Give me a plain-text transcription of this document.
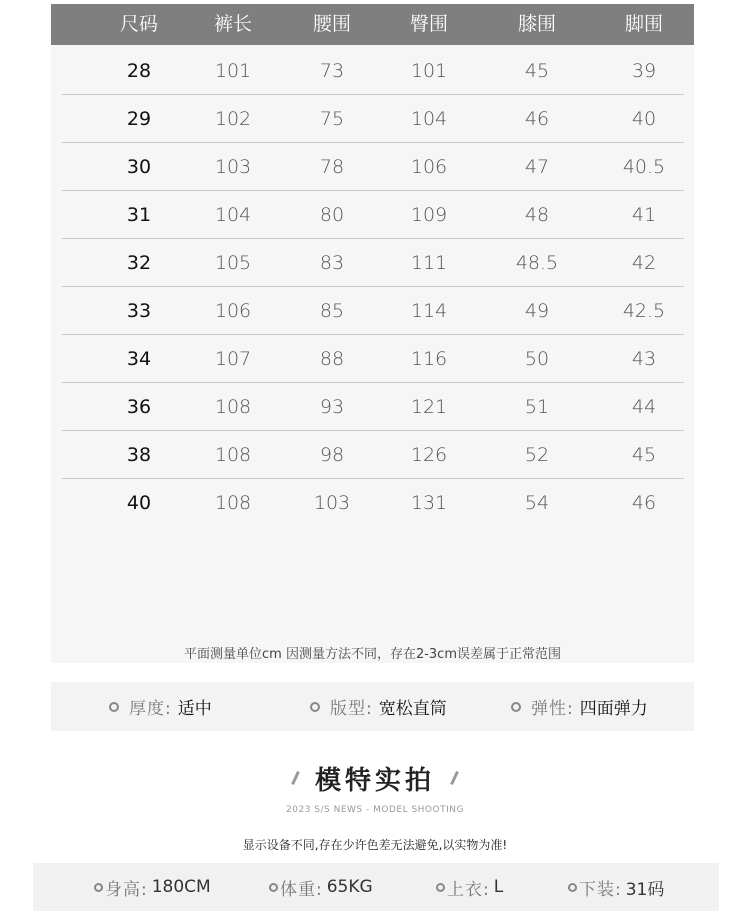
尺码	裤长	腰围	臀围	膝围	脚围
28	101	73	101	45	39
29	102	75	104	46	40
30	103	78	106	47	40.5
31	104	80	109	48	41
32	105	83	111	48.5	42
33	106	85	114	49	42.5
34	107	88	116	50	43
36	108	93	121	51	44
38	108	98	126	52	45
40	108	103	131	54	46
平面测量单位cm 因测量方法不同，存在2-3cm误差属于正常范围
厚度: 适中	版型: 宽松直筒	弹性: 四面弹力
模特实拍
2023 S/S NEWS - MODEL SHOOTING
显示设备不同,存在少许色差无法避免,以实物为准!
身高: 180CM	体重: 65KG	上衣: L	下装: 31码
